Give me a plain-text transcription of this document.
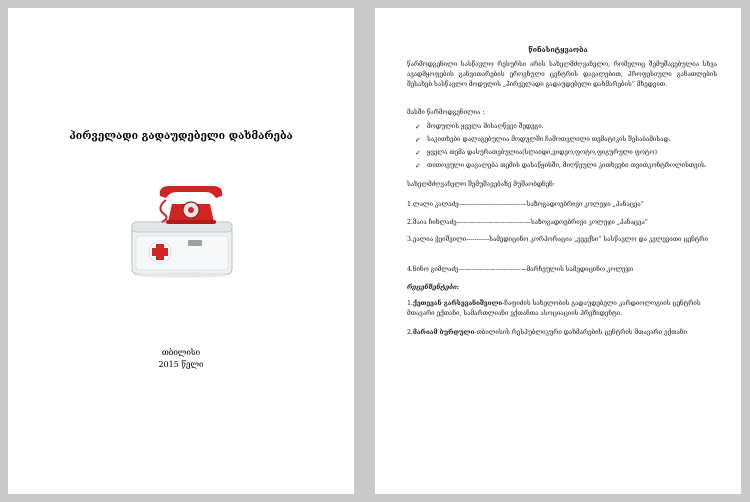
პირველადი გადაუდებელი დახმარება
თბილისი
2015 წელი
წინასიტყვაობა
წარმოდგენილი სასწავლო რესურსი არის სახელმძღვანელო, რომელიც შემუშავებულია სხვა ავადმყოფების განვითარების ეროვნული ცენტრის დავალებით, პროფესიული განათლების შესახებ სასწავლო მოდულის „პირველადი გადაუდებელი დახმარების“ მხედვით.
მასში წარმოდგენილია :
✓ მოდულის ყველა მისაღწევი შედეგი.
✓ საკითხები დალაგებულია მოდულში ჩამოთვლილი თემატიკის შესაბამისად.
✓ ყველა თემა დასურათებულია(სლაიდი,ვიდეო,ფოტო,ფიგურული ფოტო)
✓ თითოეული დავალება თემის დასაწყისში, მიღწეული კითხვები თვითკონტროლისთვის.
სახელმძღვანელო შემუშავებაზე მუშაობდნენ:
1.ლალი კალაძე———————————საზოგადოებრივი კოლეჯი „პანაცეა“
2.მაია ჩიხლაძე————————————საზოგადოებრივი კოლეჯი „პანაცეა“
3.ვალია ჭეიშვილი-----------სამედიცინო კორპორაცია „ევექსი“ სასწავლო და კვლევითი ცენტრი
4.ნინო გიმლაძე———————————მარნეულის სამედიცინო კოლეჯი
რეცენზენტები:
1.ქეთევან გარსევანიშვილი-ჩაფიძის სახელობის გადაუდებელი კარდიოლოგიის ცენტრის მთავარი ექთანი, სამართლიანი ექთანთა ასოციაციის პრეზიდენტი.
2.მარიამ ბურდული-თბილისის რესპუბლიკური დახმარების ცენტრის მთავარი ექთანი
